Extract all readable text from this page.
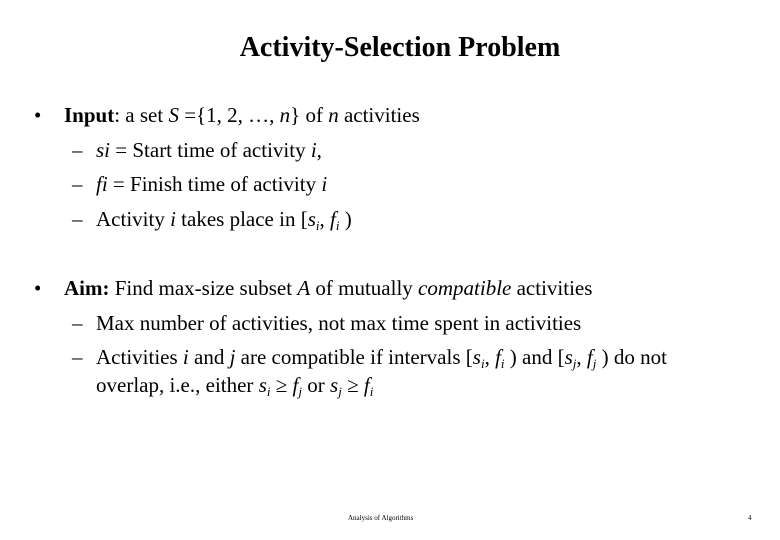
Activity-Selection Problem
• Input: a set S ={1, 2, …, n} of n activities
– si = Start time of activity i,
– fi = Finish time of activity i
– Activity i takes place in [$s_i$, $f_i$ )
• Aim: Find max-size subset A of mutually compatible activities
– Max number of activities, not max time spent in activities
– Activities i and j are compatible if intervals [$s_i$, $f_i$ ) and [$s_j$, $f_j$ ) do not
overlap, i.e., either $s_i \ge f_j$ or $s_j \ge f_i$
Analysis of Algorithms	4
